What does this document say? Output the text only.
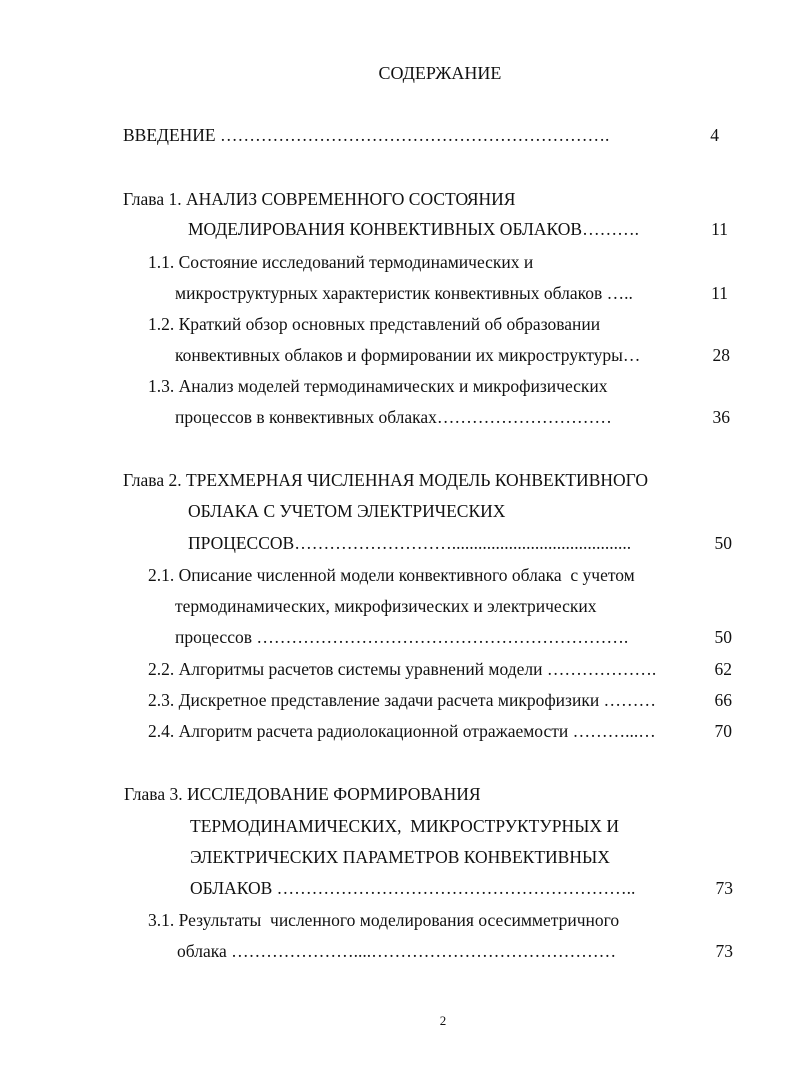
СОДЕРЖАНИЕ
ВВЕДЕНИЕ ………………………………………………………….	4
Глава 1. АНАЛИЗ СОВРЕМЕННОГО СОСТОЯНИЯ
МОДЕЛИРОВАНИЯ КОНВЕКТИВНЫХ ОБЛАКОВ……….	11
1.1. Состояние исследований термодинамических и
микроструктурных характеристик конвективных облаков …..	11
1.2. Краткий обзор основных представлений об образовании
конвективных облаков и формировании их микроструктуры…	28
1.3. Анализ моделей термодинамических и микрофизических
процессов в конвективных облаках…………………………	36
Глава 2. ТРЕХМЕРНАЯ ЧИСЛЕННАЯ МОДЕЛЬ КОНВЕКТИВНОГО
ОБЛАКА С УЧЕТОМ ЭЛЕКТРИЧЕСКИХ
ПРОЦЕССОВ……………………….........................................	50
2.1. Описание численной модели конвективного облака  с учетом
термодинамических, микрофизических и электрических
процессов ……………………………………………………….	50
2.2. Алгоритмы расчетов системы уравнений модели ……………….	62
2.3. Дискретное представление задачи расчета микрофизики ………	66
2.4. Алгоритм расчета радиолокационной отражаемости ………...…	70
Глава 3. ИССЛЕДОВАНИЕ ФОРМИРОВАНИЯ
ТЕРМОДИНАМИЧЕСКИХ,  МИКРОСТРУКТУРНЫХ И
ЭЛЕКТРИЧЕСКИХ ПАРАМЕТРОВ КОНВЕКТИВНЫХ
ОБЛАКОВ ……………………………………………………..	73
3.1. Результаты  численного моделирования осесимметричного
облака …………………....……………………………………	73
2
